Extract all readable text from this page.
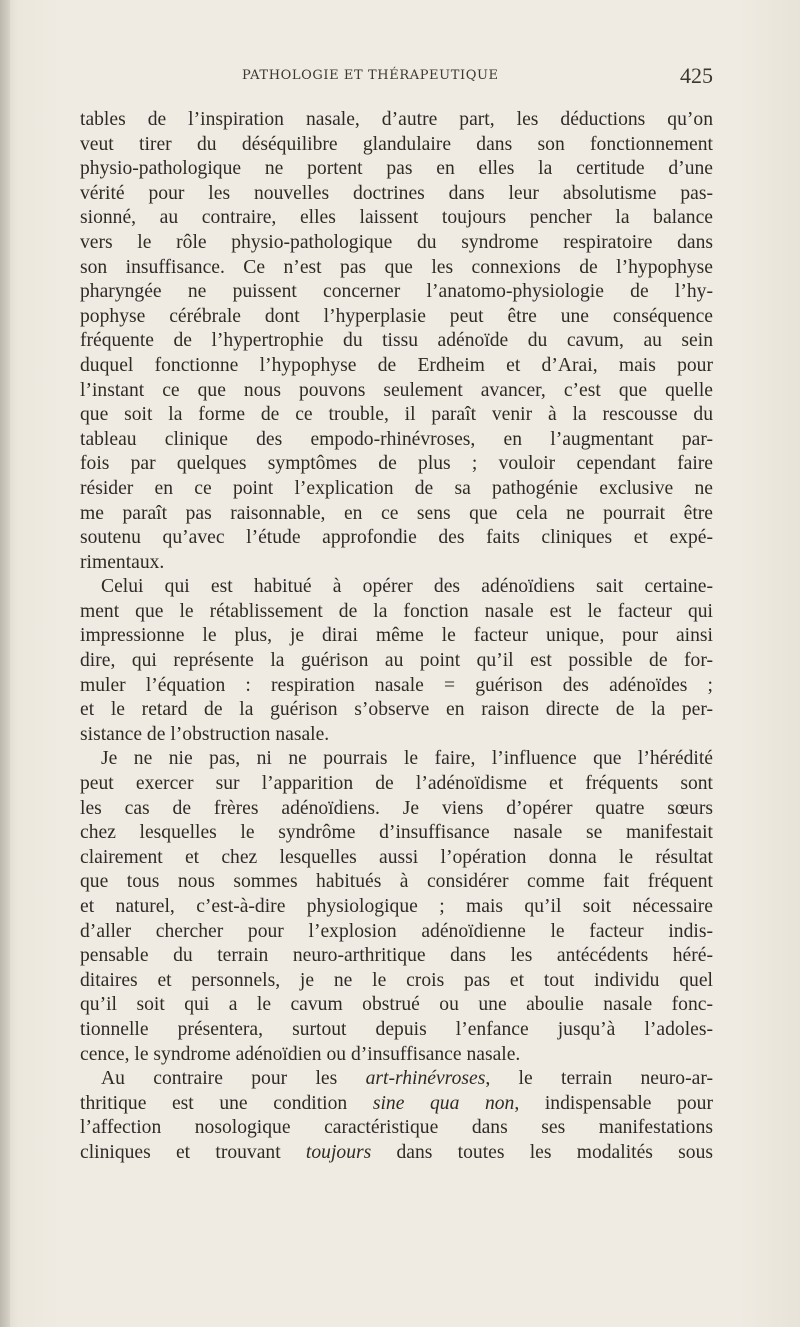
PATHOLOGIE ET THÉRAPEUTIQUE	425
tables de l’inspiration nasale, d’autre part, les déductions qu’on
veut tirer du déséquilibre glandulaire dans son fonctionnement
physio-pathologique ne portent pas en elles la certitude d’une
vérité pour les nouvelles doctrines dans leur absolutisme pas-
sionné, au contraire, elles laissent toujours pencher la balance
vers le rôle physio-pathologique du syndrome respiratoire dans
son insuffisance. Ce n’est pas que les connexions de l’hypophyse
pharyngée ne puissent concerner l’anatomo-physiologie de l’hy-
pophyse cérébrale dont l’hyperplasie peut être une conséquence
fréquente de l’hypertrophie du tissu adénoïde du cavum, au sein
duquel fonctionne l’hypophyse de Erdheim et d’Arai, mais pour
l’instant ce que nous pouvons seulement avancer, c’est que quelle
que soit la forme de ce trouble, il paraît venir à la rescousse du
tableau clinique des empodo-rhinévroses, en l’augmentant par-
fois par quelques symptômes de plus ; vouloir cependant faire
résider en ce point l’explication de sa pathogénie exclusive ne
me paraît pas raisonnable, en ce sens que cela ne pourrait être
soutenu qu’avec l’étude approfondie des faits cliniques et expé-
rimentaux.
Celui qui est habitué à opérer des adénoïdiens sait certaine-
ment que le rétablissement de la fonction nasale est le facteur qui
impressionne le plus, je dirai même le facteur unique, pour ainsi
dire, qui représente la guérison au point qu’il est possible de for-
muler l’équation : respiration nasale = guérison des adénoïdes ;
et le retard de la guérison s’observe en raison directe de la per-
sistance de l’obstruction nasale.
Je ne nie pas, ni ne pourrais le faire, l’influence que l’hérédité
peut exercer sur l’apparition de l’adénoïdisme et fréquents sont
les cas de frères adénoïdiens. Je viens d’opérer quatre sœurs
chez lesquelles le syndrôme d’insuffisance nasale se manifestait
clairement et chez lesquelles aussi l’opération donna le résultat
que tous nous sommes habitués à considérer comme fait fréquent
et naturel, c’est-à-dire physiologique ; mais qu’il soit nécessaire
d’aller chercher pour l’explosion adénoïdienne le facteur indis-
pensable du terrain neuro-arthritique dans les antécédents héré-
ditaires et personnels, je ne le crois pas et tout individu quel
qu’il soit qui a le cavum obstrué ou une aboulie nasale fonc-
tionnelle présentera, surtout depuis l’enfance jusqu’à l’adoles-
cence, le syndrome adénoïdien ou d’insuffisance nasale.
Au contraire pour les art-rhinévroses, le terrain neuro-ar-
thritique est une condition sine qua non, indispensable pour
l’affection nosologique caractéristique dans ses manifestations
cliniques et trouvant toujours dans toutes les modalités sous
